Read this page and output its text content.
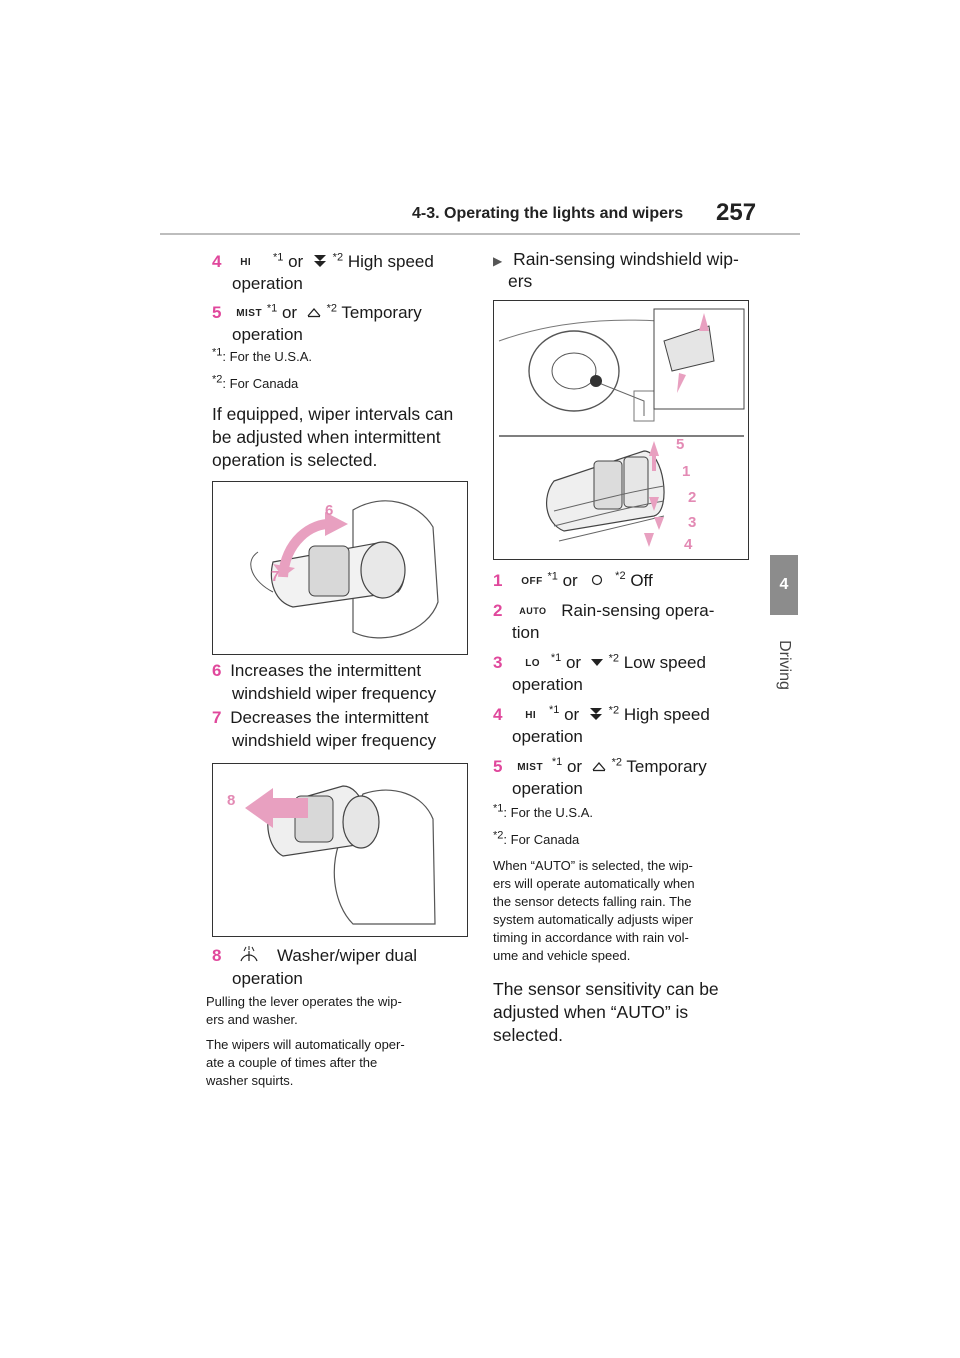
4-3. Operating the lights and wipers 257
4
Driving
4 HI $^{*1}$ or	$^{*2}$ High speed
operation
5 MIST $^{*1}$ or	$^{*2}$ Temporary
operation
$^{*1}$: For the U.S.A.
$^{*2}$: For Canada
If equipped, wiper intervals can
be adjusted when intermittent
operation is selected.
6
7
6 Increases the intermittent
windshield wiper frequency
7 Decreases the intermittent
windshield wiper frequency
8
8	Washer/wiper dual
operation
Pulling the lever operates the wip-
ers and washer.
The wipers will automatically oper-
ate a couple of times after the
washer squirts.
▶ Rain-sensing windshield wip-
ers
5
1
2
3
4
1 OFF $^{*1}$ or	$^{*2}$ Off
2 AUTO Rain-sensing opera-
tion
3 LO $^{*1}$ or $^{*2}$ Low speed
operation
4 HI $^{*1}$ or	$^{*2}$ High speed
operation
5 MIST $^{*1}$ or	$^{*2}$ Temporary
operation
$^{*1}$: For the U.S.A.
$^{*2}$: For Canada
When “AUTO” is selected, the wip-
ers will operate automatically when
the sensor detects falling rain. The
system automatically adjusts wiper
timing in accordance with rain vol-
ume and vehicle speed.
The sensor sensitivity can be
adjusted when “AUTO” is
selected.
